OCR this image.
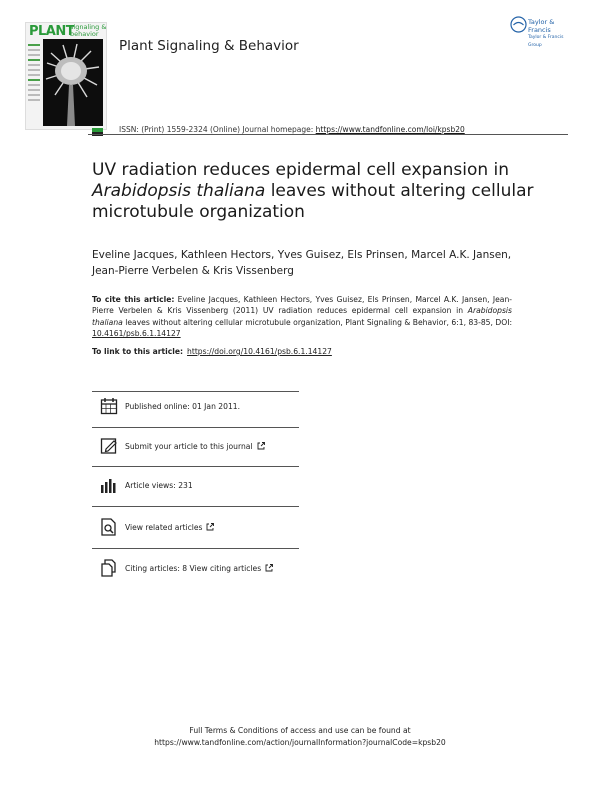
PLANT
signaling & behavior
Plant Signaling & Behavior
Taylor & Francis
Taylor & Francis Group
ISSN: (Print) 1559-2324 (Online) Journal homepage: https://www.tandfonline.com/loi/kpsb20
UV radiation reduces epidermal cell expansion in Arabidopsis thaliana leaves without altering cellular microtubule organization
Eveline Jacques, Kathleen Hectors, Yves Guisez, Els Prinsen, Marcel A.K. Jansen, Jean-Pierre Verbelen & Kris Vissenberg
To cite this article: Eveline Jacques, Kathleen Hectors, Yves Guisez, Els Prinsen, Marcel A.K. Jansen, Jean-Pierre Verbelen & Kris Vissenberg (2011) UV radiation reduces epidermal cell expansion in Arabidopsis thaliana leaves without altering cellular microtubule organization, Plant Signaling & Behavior, 6:1, 83-85, DOI: 10.4161/psb.6.1.14127
To link to this article: https://doi.org/10.4161/psb.6.1.14127
Published online: 01 Jan 2011.
Submit your article to this journal
Article views: 231
View related articles
Citing articles: 8 View citing articles
Full Terms & Conditions of access and use can be found at
https://www.tandfonline.com/action/journalInformation?journalCode=kpsb20
